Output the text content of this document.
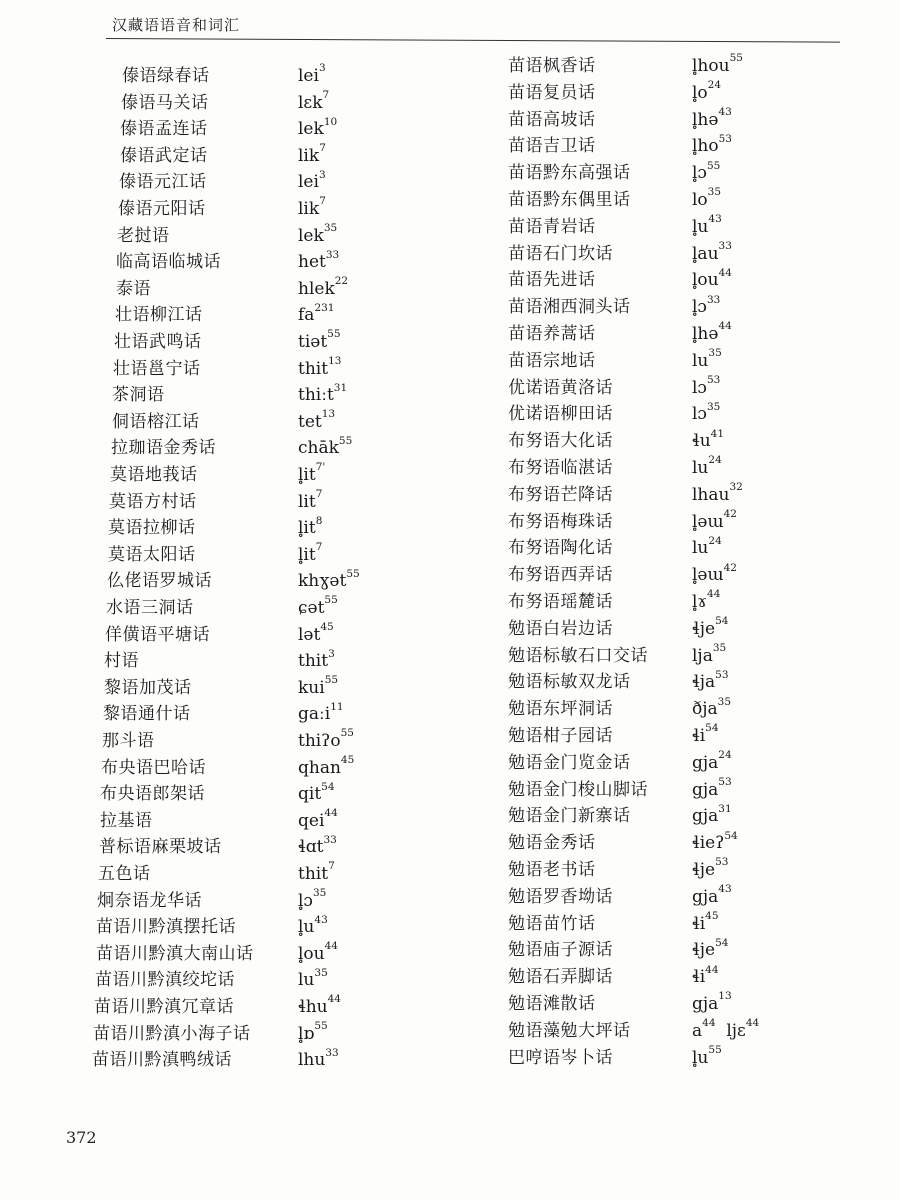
汉藏语语音和词汇
傣语绿春话	lei$^3$
傣语马关话	lɛk$^7$
傣语孟连话	lek$^{10}$
傣语武定话	lik$^7$
傣语元江话	lei$^3$
傣语元阳话	lik$^7$
老挝语	lek$^{35}$
临高语临城话	het$^{33}$
泰语	hlek$^{22}$
壮语柳江话	$fa^{231}$
壮语武鸣话	tiət$^{55}$
壮语邕宁话	thit$^{13}$
茶洞语	thiːt$^{31}$
侗语榕江话	tet$^{13}$
拉珈语金秀话	chāk$^{55}$
莫语地莪话	$l̥it^{7'}$
莫语方村话	lit$^7$
莫语拉柳话	$l̥it^8$
莫语太阳话	$l̥it^7$
仫佬语罗城话	khɣət$^{55}$
水语三洞话	ɕət$^{55}$
佯僙语平塘话	lət$^{45}$
村语	thit$^3$
黎语加茂话	kui$^{55}$
黎语通什话	gaːi$^{11}$
那斗语	thiʔo$^{55}$
布央语巴哈话	qhan$^{45}$
布央语郎架话	qit$^{54}$
拉基语	qei$^{44}$
普标语麻栗坡话	ɬɑt$^{33}$
五色话	thit$^7$
炯奈语龙华话	l̥ɔ$^{35}$
苗语川黔滇摆托话	$l̥u^{43}$
苗语川黔滇大南山话	$l̥ou^{44}$
苗语川黔滇绞坨话	$lu^{35}$
苗语川黔滇冗章话	ɬhu$^{44}$
苗语川黔滇小海子话	l̥ɒ$^{55}$
苗语川黔滇鸭绒话	lhu$^{33}$
苗语枫香话	l̥hou$^{55}$
苗语复员话	$l̥o^{24}$
苗语高坡话	l̥hə$^{43}$
苗语吉卫话	$l̥ho^{53}$
苗语黔东高强话	l̥ɔ$^{55}$
苗语黔东偶里话	$lo^{35}$
苗语青岩话	$l̥u^{43}$
苗语石门坎话	$l̥au^{33}$
苗语先进话	$l̥ou^{44}$
苗语湘西洞头话	l̥ɔ$^{33}$
苗语养蒿话	l̥hə$^{44}$
苗语宗地话	$lu^{35}$
优诺语黄洛话	lɔ$^{53}$
优诺语柳田话	lɔ$^{35}$
布努语大化话	ɬu$^{41}$
布努语临湛话	$lu^{24}$
布努语芒降话	lhau$^{32}$
布努语梅珠话	l̥əɯ$^{42}$
布努语陶化话	$lu^{24}$
布努语西弄话	l̥əɯ$^{42}$
布努语瑶麓话	l̥ɤ$^{44}$
勉语白岩边话	ɬje$^{54}$
勉语标敏石口交话	lja$^{35}$
勉语标敏双龙话	ɬja$^{53}$
勉语东坪洞话	ðja$^{35}$
勉语柑子园话	ɬi$^{54}$
勉语金门览金话	gja$^{24}$
勉语金门梭山脚话	gja$^{53}$
勉语金门新寨话	gja$^{31}$
勉语金秀话	ɬieʔ$^{54}$
勉语老书话	ɬje$^{53}$
勉语罗香坳话	gja$^{43}$
勉语苗竹话	ɬi$^{45}$
勉语庙子源话	ɬje$^{54}$
勉语石弄脚话	ɬi$^{44}$
勉语滩散话	gja$^{13}$
勉语藻勉大坪话	$a^{44}$ ljɛ$^{44}$
巴哼语岑卜话	$l̥u^{55}$
372
